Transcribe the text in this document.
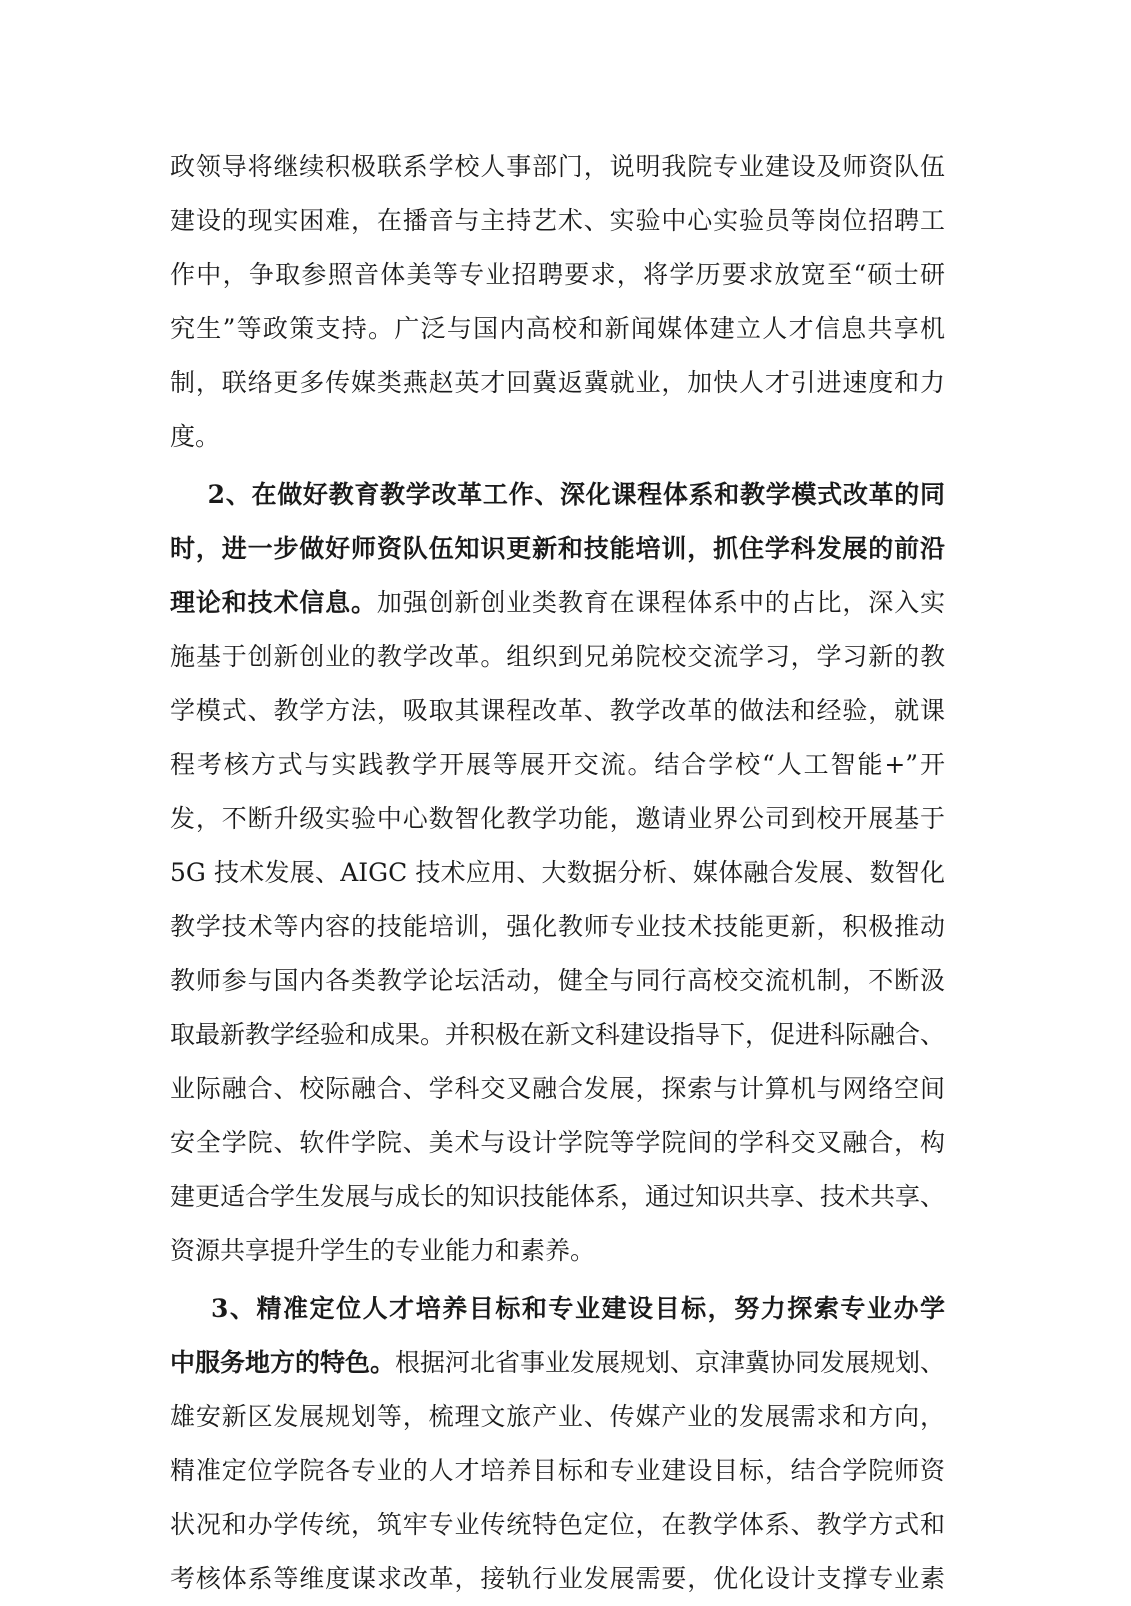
政领导将继续积极联系学校人事部门，说明我院专业建设及师资队伍
建设的现实困难，在播音与主持艺术、实验中心实验员等岗位招聘工
作中，争取参照音体美等专业招聘要求，将学历要求放宽至“硕士研
究生”等政策支持。广泛与国内高校和新闻媒体建立人才信息共享机
制，联络更多传媒类燕赵英才回冀返冀就业，加快人才引进速度和力
度。
2、在做好教育教学改革工作、深化课程体系和教学模式改革的同
时，进一步做好师资队伍知识更新和技能培训，抓住学科发展的前沿
理论和技术信息。加强创新创业类教育在课程体系中的占比，深入实
施基于创新创业的教学改革。组织到兄弟院校交流学习，学习新的教
学模式、教学方法，吸取其课程改革、教学改革的做法和经验，就课
程考核方式与实践教学开展等展开交流。结合学校“人工智能+”开
发，不断升级实验中心数智化教学功能，邀请业界公司到校开展基于
5G 技术发展、AIGC 技术应用、大数据分析、媒体融合发展、数智化
教学技术等内容的技能培训，强化教师专业技术技能更新，积极推动
教师参与国内各类教学论坛活动，健全与同行高校交流机制，不断汲
取最新教学经验和成果。并积极在新文科建设指导下，促进科际融合、
业际融合、校际融合、学科交叉融合发展，探索与计算机与网络空间
安全学院、软件学院、美术与设计学院等学院间的学科交叉融合，构
建更适合学生发展与成长的知识技能体系，通过知识共享、技术共享、
资源共享提升学生的专业能力和素养。
3、精准定位人才培养目标和专业建设目标，努力探索专业办学
中服务地方的特色。根据河北省事业发展规划、京津冀协同发展规划、
雄安新区发展规划等，梳理文旅产业、传媒产业的发展需求和方向，
精准定位学院各专业的人才培养目标和专业建设目标，结合学院师资
状况和办学传统，筑牢专业传统特色定位，在教学体系、教学方式和
考核体系等维度谋求改革，接轨行业发展需要，优化设计支撑专业素
